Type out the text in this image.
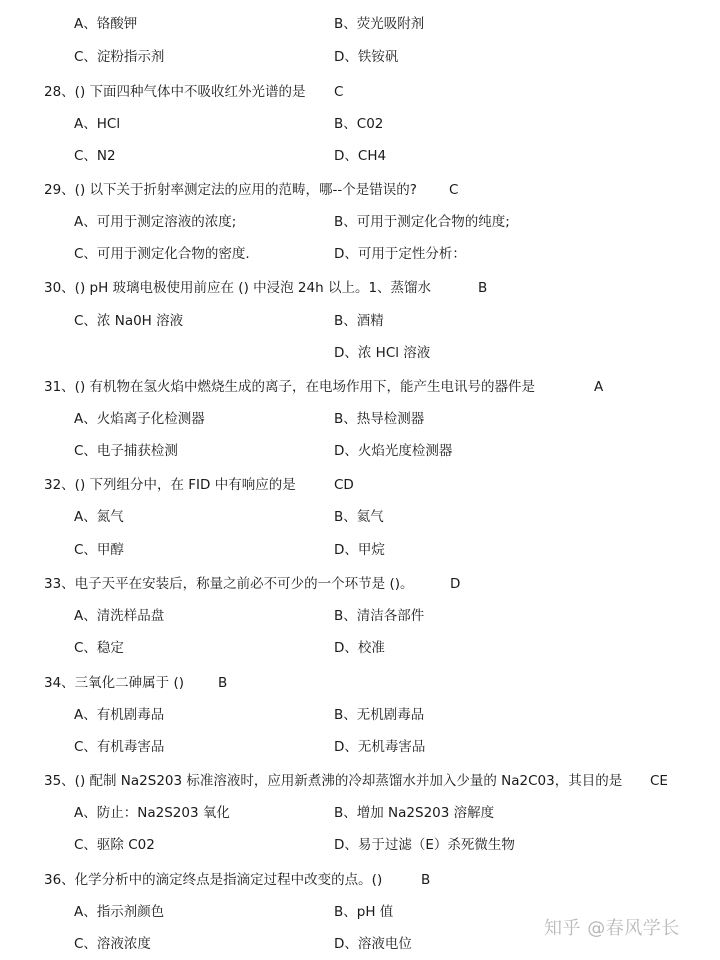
A、铬酸钾	B、荧光吸附剂
C、淀粉指示剂	D、铁铵矾
28、() 下面四种气体中不吸收红外光谱的是 C
A、HCl	B、C02
C、N2	D、CH4
29、() 以下关于折射率测定法的应用的范畴，哪--个是错误的? C
A、可用于测定溶液的浓度;	B、可用于测定化合物的纯度;
C、可用于测定化合物的密度.	D、可用于定性分析：
30、() pH 玻璃电极使用前应在 () 中浸泡 24h 以上。1、蒸馏水	B
C、浓 Na0H 溶液	B、酒精
D、浓 HCl 溶液
31、() 有机物在氢火焰中燃烧生成的离子，在电场作用下，能产生电讯号的器件是	A
A、火焰离子化检测器	B、热导检测器
C、电子捕获检测	D、火焰光度检测器
32、() 下列组分中，在 FID 中有响应的是	CD
A、氮气	B、氦气
C、甲醇	D、甲烷
33、电子天平在安装后，称量之前必不可少的一个环节是 ()。	D
A、清洗样品盘	B、清洁各部件
C、稳定	D、校准
34、三氧化二砷属于 ()	B
A、有机剧毒品	B、无机剧毒品
C、有机毒害品	D、无机毒害品
35、() 配制 Na2S203 标准溶液时，应用新煮沸的冷却蒸馏水并加入少量的 Na2C03，其目的是 CE
A、防止：Na2S203 氧化	B、增加 Na2S203 溶解度
C、驱除 C02	D、易于过滤（E）杀死微生物
36、化学分析中的滴定终点是指滴定过程中改变的点。()	B
A、指示剂颜色	B、pH 值
C、溶液浓度	D、溶液电位
知乎 @春风学长
